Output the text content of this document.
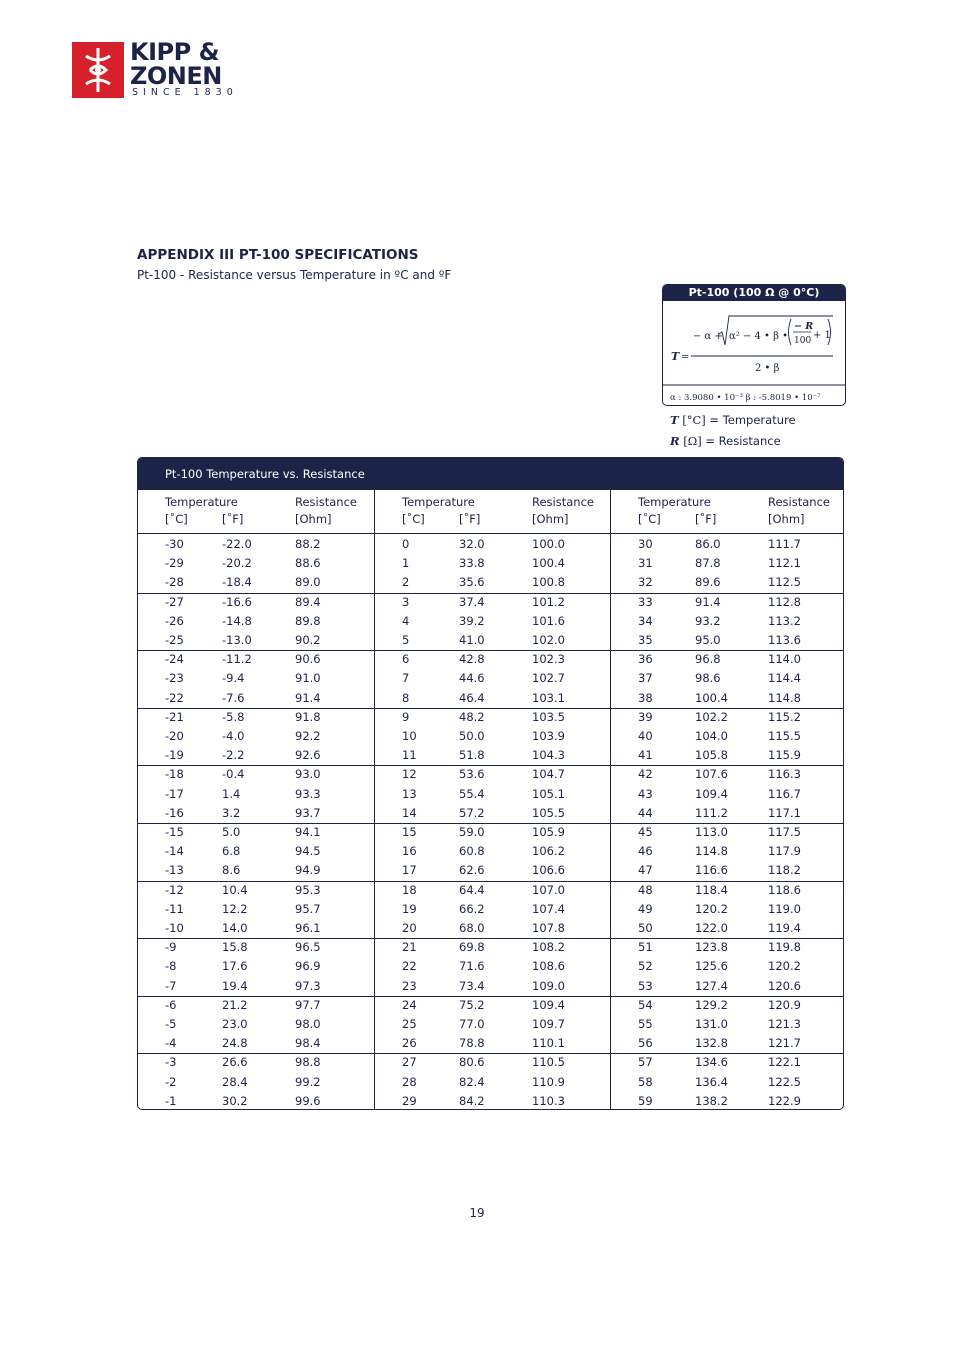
KIPP &
ZONEN
SINCE 1830
APPENDIX III PT-100 SPECIFICATIONS
Pt-100 - Resistance versus Temperature in ºC and ºF
Pt-100 (100 Ω @ 0°C)
T =
− α + α² − 4 • β •
− R
100 + 1
2 • β
α : 3.9080 • 10⁻³ β : -5.8019 • 10⁻⁷
T [°C] = Temperature
R [Ω] = Resistance
Pt-100 Temperature vs. Resistance
Temperature	Resistance
[˚C]	[˚F]	[Ohm]
-30	-22.0	88.2
-29	-20.2	88.6
-28	-18.4	89.0
-27	-16.6	89.4
-26	-14.8	89.8
-25	-13.0	90.2
-24	-11.2	90.6
-23	-9.4	91.0
-22	-7.6	91.4
-21	-5.8	91.8
-20	-4.0	92.2
-19	-2.2	92.6
-18	-0.4	93.0
-17	1.4	93.3
-16	3.2	93.7
-15	5.0	94.1
-14	6.8	94.5
-13	8.6	94.9
-12	10.4	95.3
-11	12.2	95.7
-10	14.0	96.1
-9	15.8	96.5
-8	17.6	96.9
-7	19.4	97.3
-6	21.2	97.7
-5	23.0	98.0
-4	24.8	98.4
-3	26.6	98.8
-2	28.4	99.2
-1	30.2	99.6
Temperature	Resistance
[˚C]	[˚F]	[Ohm]
0	32.0	100.0
1	33.8	100.4
2	35.6	100.8
3	37.4	101.2
4	39.2	101.6
5	41.0	102.0
6	42.8	102.3
7	44.6	102.7
8	46.4	103.1
9	48.2	103.5
10	50.0	103.9
11	51.8	104.3
12	53.6	104.7
13	55.4	105.1
14	57.2	105.5
15	59.0	105.9
16	60.8	106.2
17	62.6	106.6
18	64.4	107.0
19	66.2	107.4
20	68.0	107.8
21	69.8	108.2
22	71.6	108.6
23	73.4	109.0
24	75.2	109.4
25	77.0	109.7
26	78.8	110.1
27	80.6	110.5
28	82.4	110.9
29	84.2	110.3
Temperature	Resistance
[˚C]	[˚F]	[Ohm]
30	86.0	111.7
31	87.8	112.1
32	89.6	112.5
33	91.4	112.8
34	93.2	113.2
35	95.0	113.6
36	96.8	114.0
37	98.6	114.4
38	100.4	114.8
39	102.2	115.2
40	104.0	115.5
41	105.8	115.9
42	107.6	116.3
43	109.4	116.7
44	111.2	117.1
45	113.0	117.5
46	114.8	117.9
47	116.6	118.2
48	118.4	118.6
49	120.2	119.0
50	122.0	119.4
51	123.8	119.8
52	125.6	120.2
53	127.4	120.6
54	129.2	120.9
55	131.0	121.3
56	132.8	121.7
57	134.6	122.1
58	136.4	122.5
59	138.2	122.9
19
